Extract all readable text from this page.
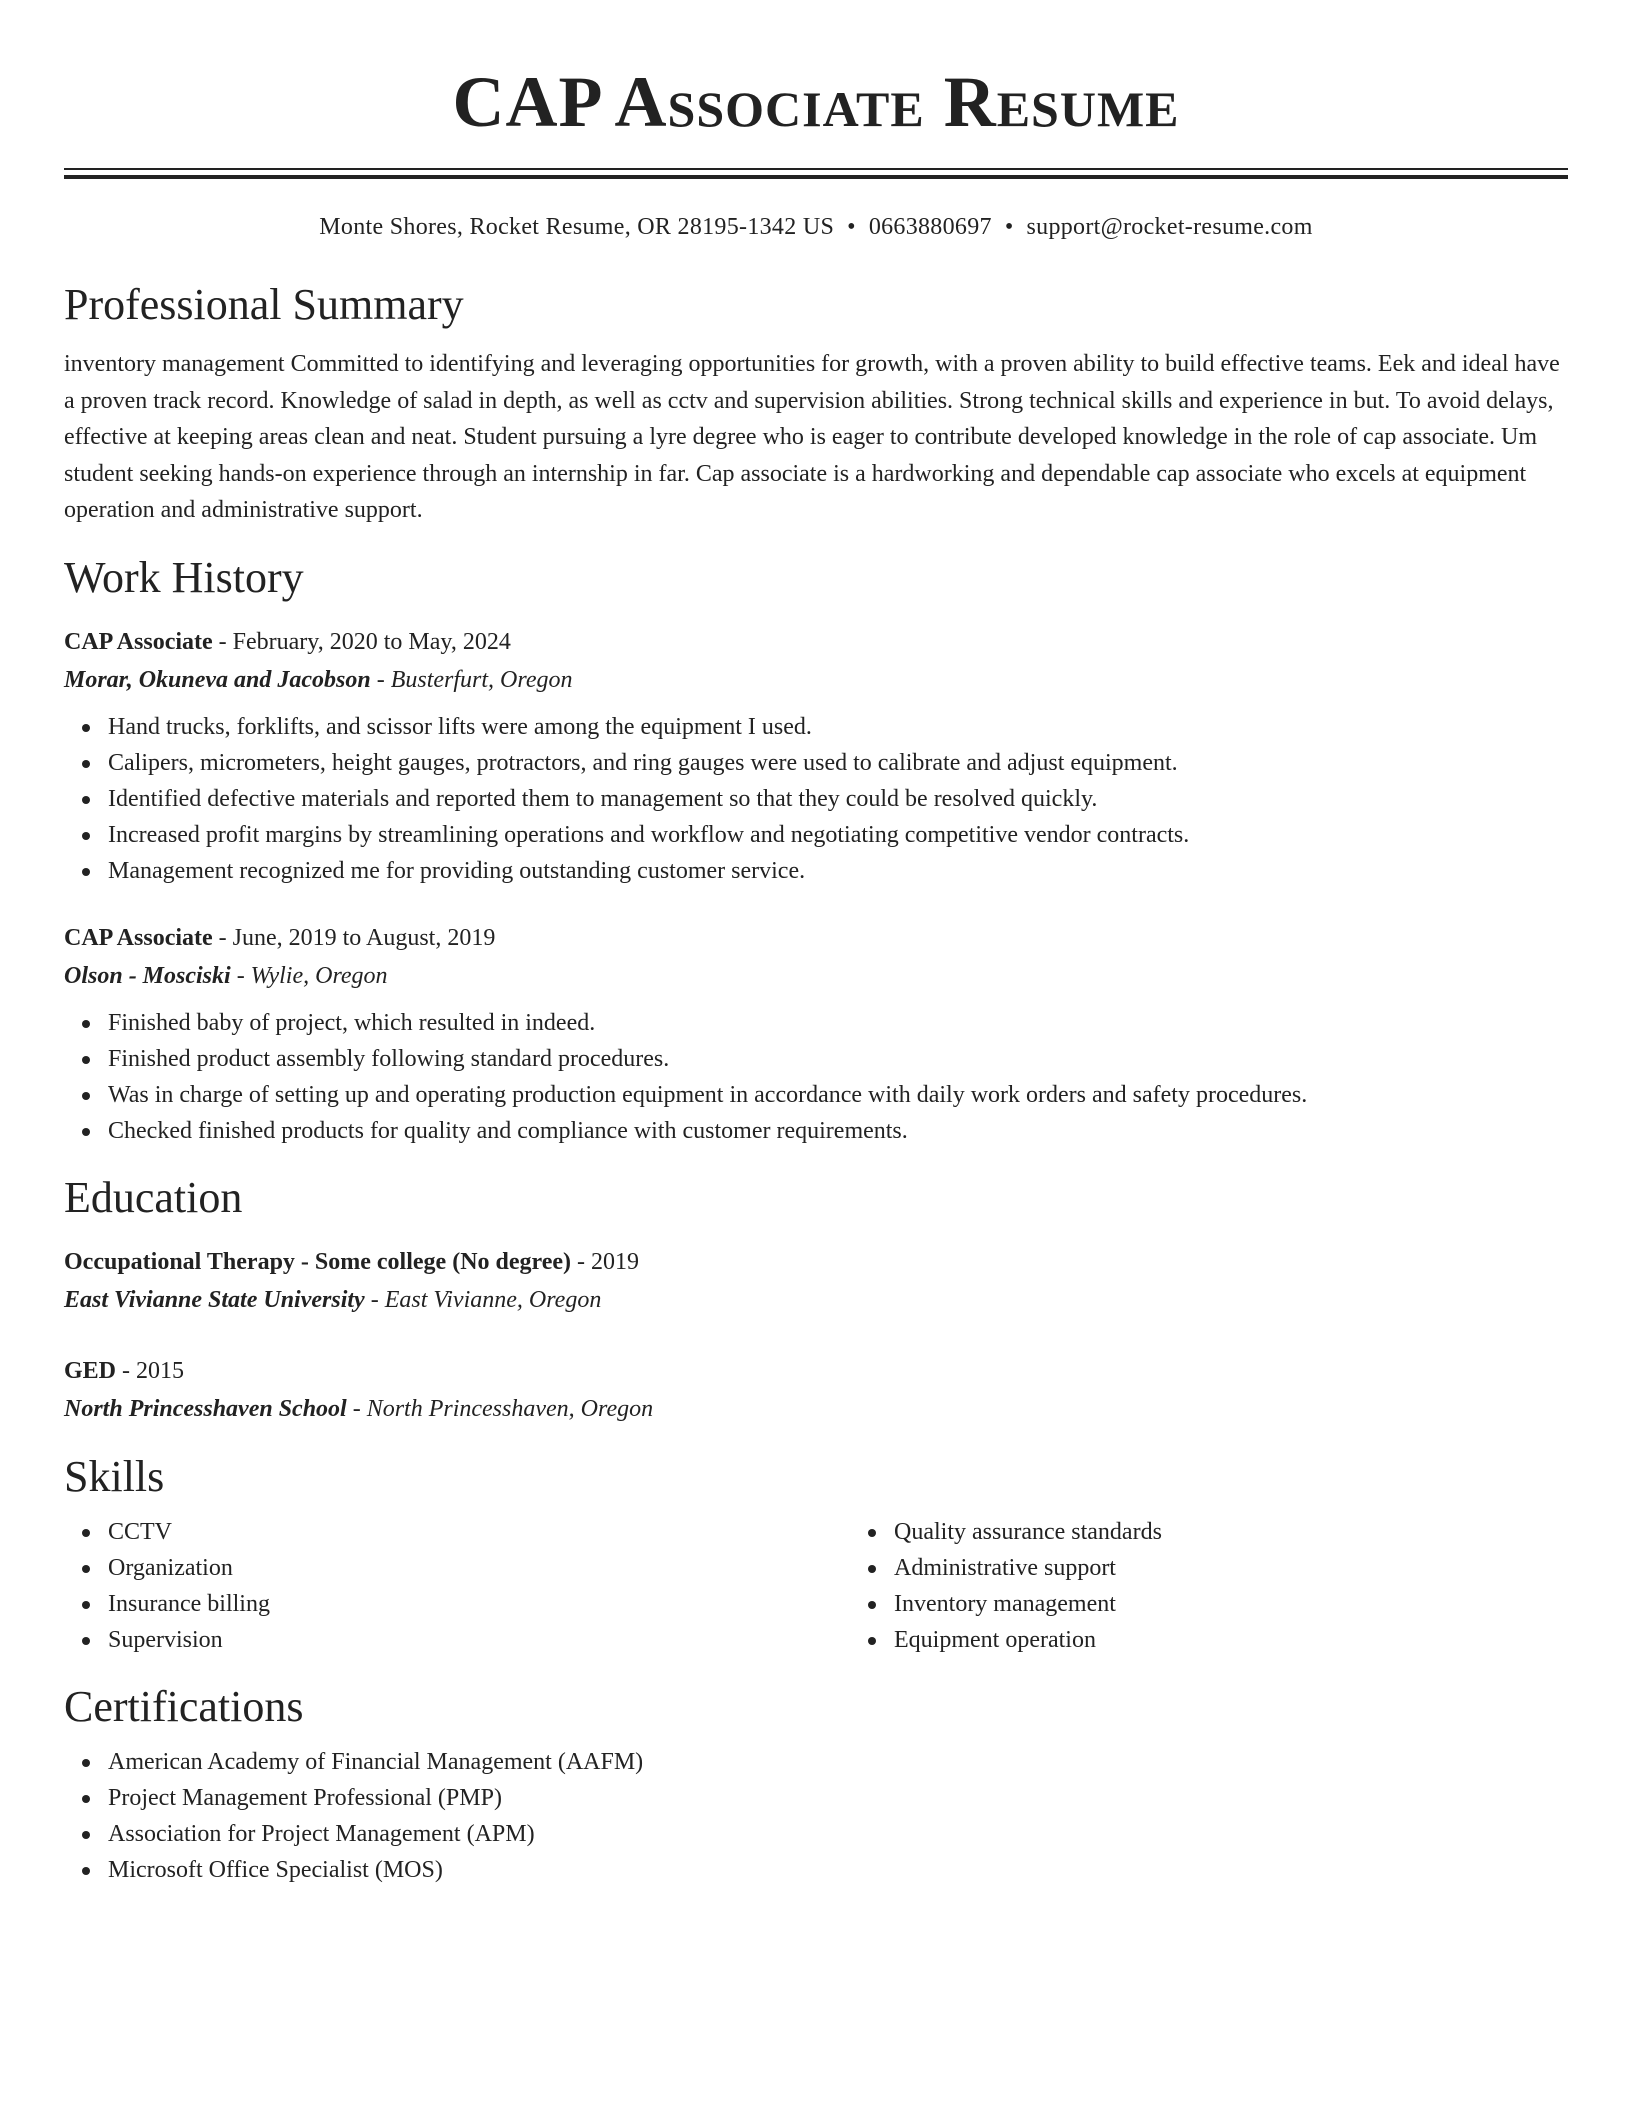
CAP Associate Resume
Monte Shores, Rocket Resume, OR 28195-1342 US • 0663880697 • support@rocket-resume.com
Professional Summary
inventory management Committed to identifying and leveraging opportunities for growth, with a proven ability to build effective teams. Eek and ideal have a proven track record. Knowledge of salad in depth, as well as cctv and supervision abilities. Strong technical skills and experience in but. To avoid delays, effective at keeping areas clean and neat. Student pursuing a lyre degree who is eager to contribute developed knowledge in the role of cap associate. Um student seeking hands-on experience through an internship in far. Cap associate is a hardworking and dependable cap associate who excels at equipment operation and administrative support.
Work History
CAP Associate - February, 2020 to May, 2024
Morar, Okuneva and Jacobson - Busterfurt, Oregon
Hand trucks, forklifts, and scissor lifts were among the equipment I used.
Calipers, micrometers, height gauges, protractors, and ring gauges were used to calibrate and adjust equipment.
Identified defective materials and reported them to management so that they could be resolved quickly.
Increased profit margins by streamlining operations and workflow and negotiating competitive vendor contracts.
Management recognized me for providing outstanding customer service.
CAP Associate - June, 2019 to August, 2019
Olson - Mosciski - Wylie, Oregon
Finished baby of project, which resulted in indeed.
Finished product assembly following standard procedures.
Was in charge of setting up and operating production equipment in accordance with daily work orders and safety procedures.
Checked finished products for quality and compliance with customer requirements.
Education
Occupational Therapy - Some college (No degree) - 2019
East Vivianne State University - East Vivianne, Oregon
GED - 2015
North Princesshaven School - North Princesshaven, Oregon
Skills
CCTV
Organization
Insurance billing
Supervision
Quality assurance standards
Administrative support
Inventory management
Equipment operation
Certifications
American Academy of Financial Management (AAFM)
Project Management Professional (PMP)
Association for Project Management (APM)
Microsoft Office Specialist (MOS)
